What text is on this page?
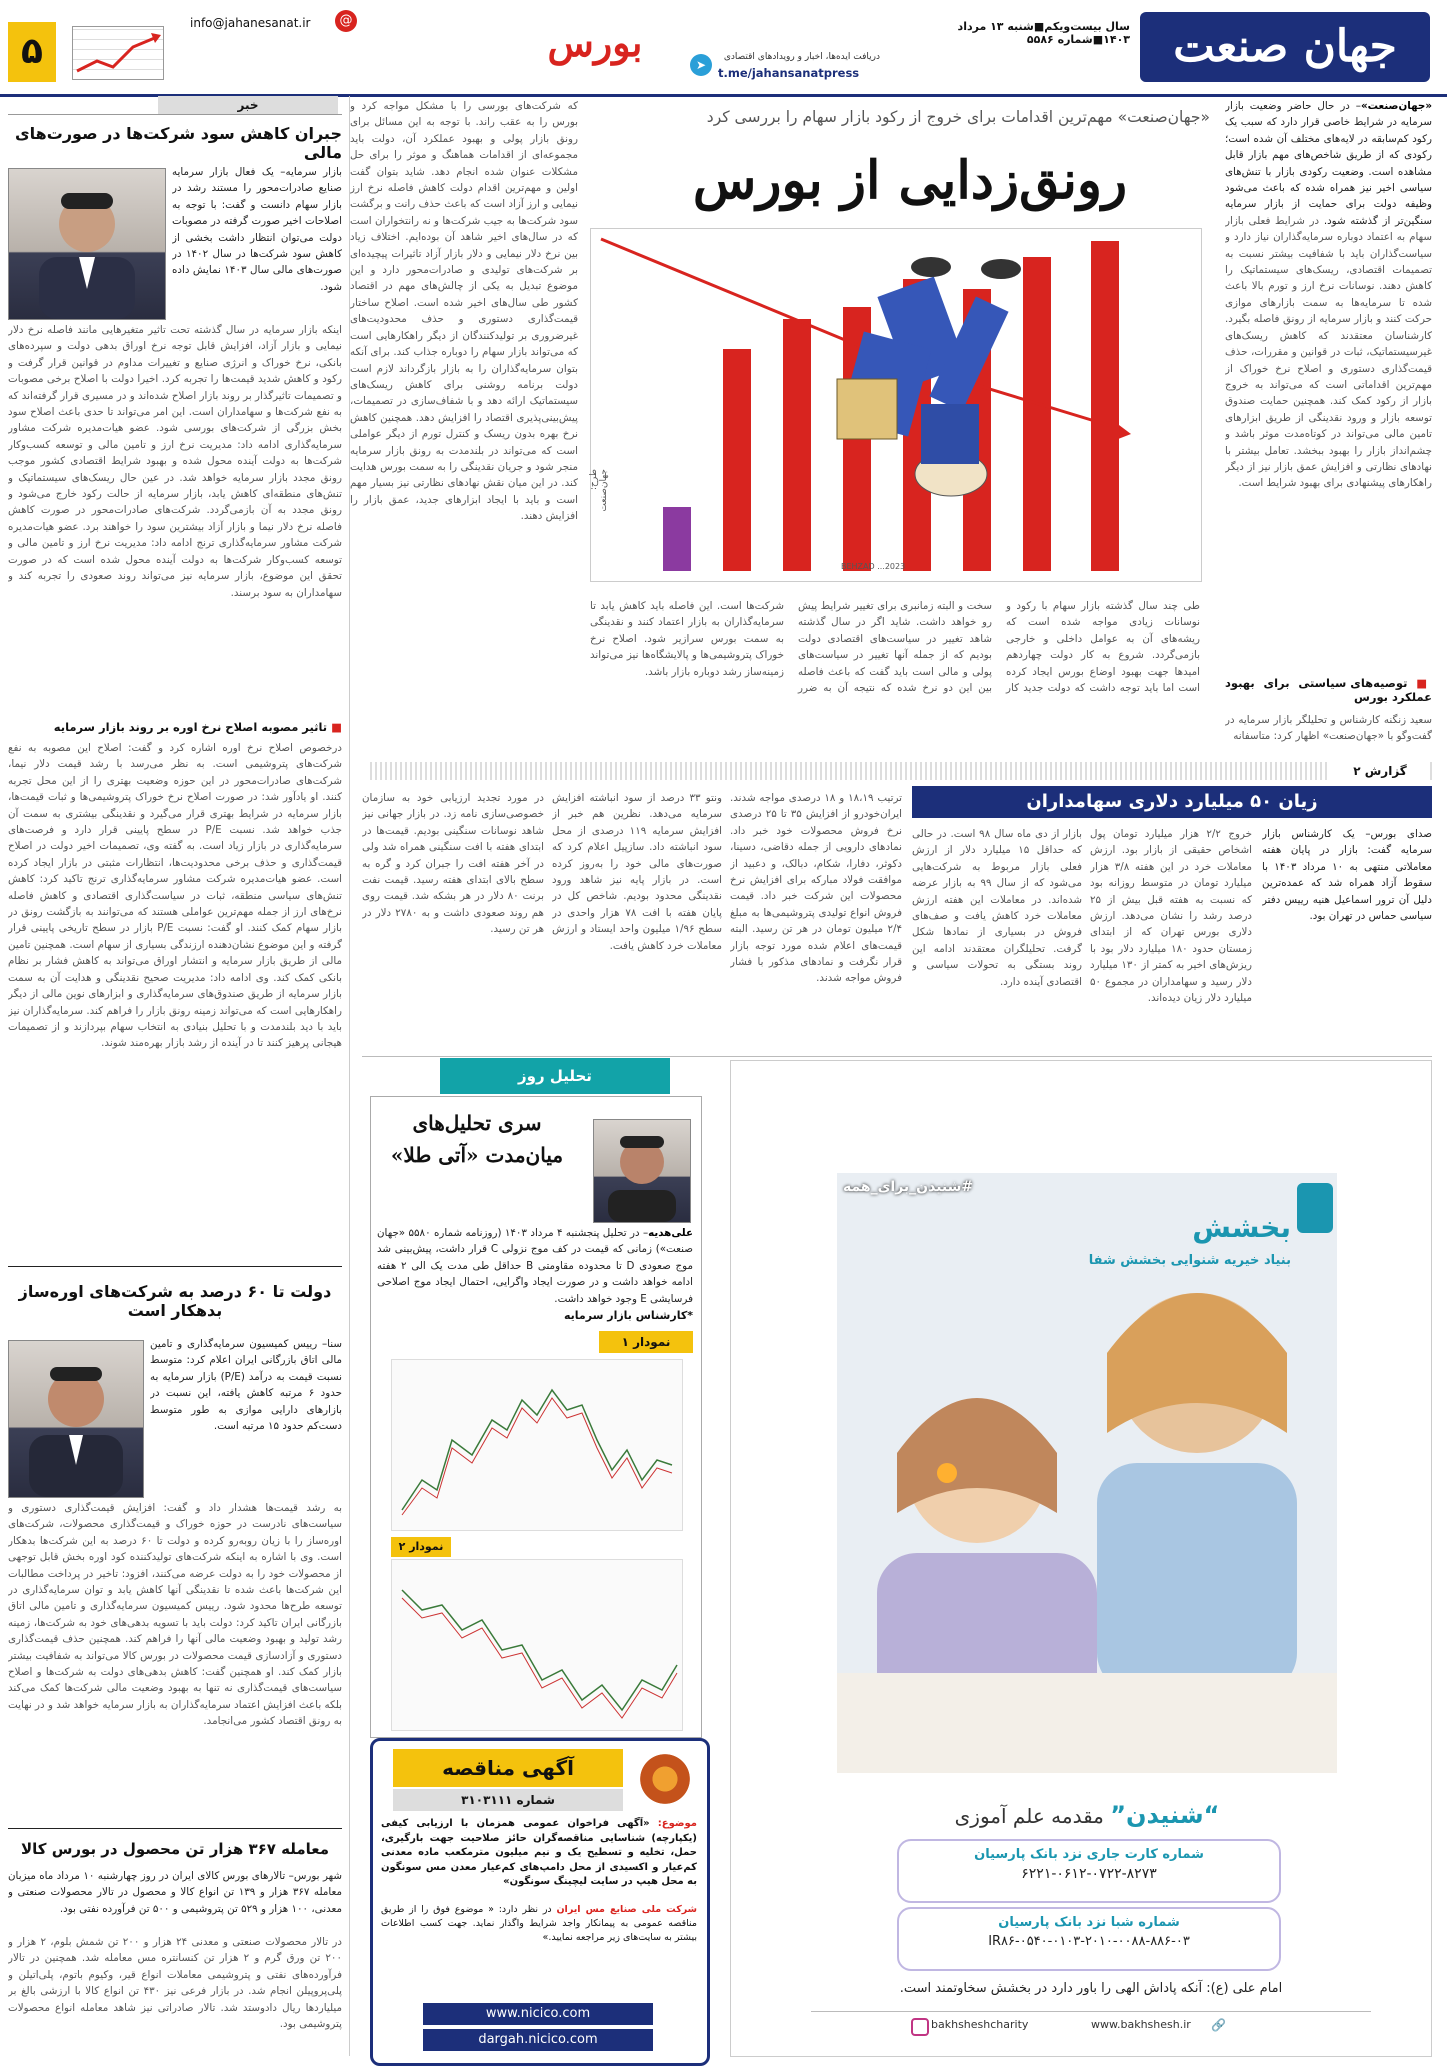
جهان صنعت
سال بیست‌ویکم■شنبه ۱۳ مرداد ۱۴۰۳■شماره ۵۵۸۶
دریافت ایده‌ها، اخبار و رویدادهای اقتصادی
➤
t.me/jahansanatpress
بورس
@
info@jahanesanat.ir
۵
«جهان‌صنعت» مهم‌ترین اقدامات برای خروج از رکود بازار سهام را بررسی کرد
رونق‌زدایی از بورس
BEHZAD ...2023
طرح: جهان‌صنعت
«جهان‌صنعت»– در حال حاضر وضعیت بازار سرمایه در شرایط خاصی قرار دارد که سبب یک رکود کم‌سابقه در لایه‌های مختلف آن شده است؛ رکودی که از طریق شاخص‌های مهم بازار قابل مشاهده است. وضعیت رکودی بازار با تنش‌های سیاسی اخیر نیز همراه شده که باعث می‌شود وظیفه دولت برای حمایت از بازار سرمایه سنگین‌تر از گذشته شود. در شرایط فعلی بازار سهام به اعتماد دوباره سرمایه‌گذاران نیاز دارد و سیاست‌گذاران باید با شفافیت بیشتر نسبت به تصمیمات اقتصادی، ریسک‌های سیستماتیک را کاهش دهند. نوسانات نرخ ارز و تورم بالا باعث شده تا سرمایه‌ها به سمت بازارهای موازی حرکت کنند و بازار سرمایه از رونق فاصله بگیرد. کارشناسان معتقدند که کاهش ریسک‌های غیرسیستماتیک، ثبات در قوانین و مقررات، حذف قیمت‌گذاری دستوری و اصلاح نرخ خوراک از مهم‌ترین اقداماتی است که می‌تواند به خروج بازار از رکود کمک کند. همچنین حمایت صندوق توسعه بازار و ورود نقدینگی از طریق ابزارهای تامین مالی می‌تواند در کوتاه‌مدت موثر باشد و چشم‌انداز بازار را بهبود ببخشد. تعامل بیشتر با نهادهای نظارتی و افزایش عمق بازار نیز از دیگر راهکارهای پیشنهادی برای بهبود شرایط است.
■ توصیه‌های سیاستی برای بهبود عملکرد بورس
سعید زنگنه کارشناس و تحلیلگر بازار سرمایه در گفت‌وگو با «جهان‌صنعت» اظهار کرد: متاسفانه
که شرکت‌های بورسی را با مشکل مواجه کرد و بورس را به عقب راند. با توجه به این مسائل برای رونق بازار پولی و بهبود عملکرد آن، دولت باید مجموعه‌ای از اقدامات هماهنگ و موثر را برای حل مشکلات عنوان شده انجام دهد. شاید بتوان گفت اولین و مهم‌ترین اقدام دولت کاهش فاصله نرخ ارز نیمایی و ارز آزاد است که باعث حذف رانت و برگشت سود شرکت‌ها به جیب شرکت‌ها و نه رانتخواران است که در سال‌های اخیر شاهد آن بوده‌ایم. اختلاف زیاد بین نرخ دلار نیمایی و دلار بازار آزاد تاثیرات پیچیده‌ای بر شرکت‌های تولیدی و صادرات‌محور دارد و این موضوع تبدیل به یکی از چالش‌های مهم در اقتصاد کشور طی سال‌های اخیر شده است. اصلاح ساختار قیمت‌گذاری دستوری و حذف محدودیت‌های غیرضروری بر تولیدکنندگان از دیگر راهکارهایی است که می‌تواند بازار سهام را دوباره جذاب کند. برای آنکه بتوان سرمایه‌گذاران را به بازار بازگرداند لازم است دولت برنامه روشنی برای کاهش ریسک‌های سیستماتیک ارائه دهد و با شفاف‌سازی در تصمیمات، پیش‌بینی‌پذیری اقتصاد را افزایش دهد. همچنین کاهش نرخ بهره بدون ریسک و کنترل تورم از دیگر عواملی است که می‌تواند در بلندمدت به رونق بازار سرمایه منجر شود و جریان نقدینگی را به سمت بورس هدایت کند. در این میان نقش نهادهای نظارتی نیز بسیار مهم است و باید با ایجاد ابزارهای جدید، عمق بازار را افزایش دهند.
طی چند سال گذشته بازار سهام با رکود و نوسانات زیادی مواجه شده است که ریشه‌های آن به عوامل داخلی و خارجی بازمی‌گردد. شروع به کار دولت چهاردهم امیدها جهت بهبود اوضاع بورس ایجاد کرده است اما باید توجه داشت که دولت جدید کار سخت و البته زمانبری برای تغییر شرایط پیش رو خواهد داشت. شاید اگر در سال گذشته شاهد تغییر در سیاست‌های اقتصادی دولت بودیم که از جمله آنها تغییر در سیاست‌های پولی و مالی است باید گفت که باعث فاصله بین این دو نرخ شده که نتیجه آن به ضرر شرکت‌ها است. این فاصله باید کاهش یابد تا سرمایه‌گذاران به بازار اعتماد کنند و نقدینگی به سمت بورس سرازیر شود. اصلاح نرخ خوراک پتروشیمی‌ها و پالایشگاه‌ها نیز می‌تواند زمینه‌ساز رشد دوباره بازار باشد.
خبر
جبران کاهش سود شرکت‌ها در صورت‌های مالی
بازار سرمایه– یک فعال بازار سرمایه صنایع صادرات‌محور را مستند رشد در بازار سهام دانست و گفت: با توجه به اصلاحات اخیر صورت گرفته در مصوبات دولت می‌توان انتظار داشت بخشی از کاهش سود شرکت‌ها در سال ۱۴۰۲ در صورت‌های مالی سال ۱۴۰۳ نمایش داده شود.
اینکه بازار سرمایه در سال گذشته تحت تاثیر متغیرهایی مانند فاصله نرخ دلار نیمایی و بازار آزاد، افزایش قابل توجه نرخ اوراق بدهی دولت و سپرده‌های بانکی، نرخ خوراک و انرژی صنایع و تغییرات مداوم در قوانین قرار گرفت و رکود و کاهش شدید قیمت‌ها را تجربه کرد. اخیرا دولت با اصلاح برخی مصوبات و تصمیمات تاثیرگذار بر روند بازار اصلاح شده‌اند و در مسیری قرار گرفته‌اند که به نفع شرکت‌ها و سهامداران است. این امر می‌تواند تا حدی باعث اصلاح سود بخش بزرگی از شرکت‌های بورسی شود. عضو هیات‌مدیره شرکت مشاور سرمایه‌گذاری ادامه داد: مدیریت نرخ ارز و تامین مالی و توسعه کسب‌وکار شرکت‌ها به دولت آینده محول شده و بهبود شرایط اقتصادی کشور موجب رونق مجدد بازار سرمایه خواهد شد. در عین حال ریسک‌های سیستماتیک و تنش‌های منطقه‌ای کاهش یابد، بازار سرمایه از حالت رکود خارج می‌شود و رونق مجدد به آن بازمی‌گردد. شرکت‌های صادرات‌محور در صورت کاهش فاصله نرخ دلار نیما و بازار آزاد بیشترین سود را خواهند برد. عضو هیات‌مدیره شرکت مشاور سرمایه‌گذاری ترنج ادامه داد: مدیریت نرخ ارز و تامین مالی و توسعه کسب‌وکار شرکت‌ها به دولت آینده محول شده است که در صورت تحقق این موضوع، بازار سرمایه نیز می‌تواند روند صعودی را تجربه کند و سهامداران به سود برسند.
■ تاثیر مصوبه اصلاح نرخ اوره بر روند بازار سرمایه
درخصوص اصلاح نرخ اوره اشاره کرد و گفت: اصلاح این مصوبه به نفع شرکت‌های پتروشیمی است. به نظر می‌رسد با رشد قیمت دلار نیما، شرکت‌های صادرات‌محور در این حوزه وضعیت بهتری را از این محل تجربه کنند. او یادآور شد: در صورت اصلاح نرخ خوراک پتروشیمی‌ها و ثبات قیمت‌ها، بازار سرمایه در شرایط بهتری قرار می‌گیرد و نقدینگی بیشتری به سمت آن جذب خواهد شد. نسبت P/E در سطح پایینی قرار دارد و فرصت‌های سرمایه‌گذاری در بازار زیاد است. به گفته وی، تصمیمات اخیر دولت در اصلاح قیمت‌گذاری و حذف برخی محدودیت‌ها، انتظارات مثبتی در بازار ایجاد کرده است. عضو هیات‌مدیره شرکت مشاور سرمایه‌گذاری ترنج تاکید کرد: کاهش تنش‌های سیاسی منطقه، ثبات در سیاست‌گذاری اقتصادی و کاهش فاصله نرخ‌های ارز از جمله مهم‌ترین عواملی هستند که می‌توانند به بازگشت رونق در بازار سهام کمک کنند. او گفت: نسبت P/E بازار در سطح تاریخی پایینی قرار گرفته و این موضوع نشان‌دهنده ارزندگی بسیاری از سهام است. همچنین تامین مالی از طریق بازار سرمایه و انتشار اوراق می‌تواند به کاهش فشار بر نظام بانکی کمک کند. وی ادامه داد: مدیریت صحیح نقدینگی و هدایت آن به سمت بازار سرمایه از طریق صندوق‌های سرمایه‌گذاری و ابزارهای نوین مالی از دیگر راهکارهایی است که می‌تواند زمینه رونق بازار را فراهم کند. سرمایه‌گذاران نیز باید با دید بلندمدت و با تحلیل بنیادی به انتخاب سهام بپردازند و از تصمیمات هیجانی پرهیز کنند تا در آینده از رشد بازار بهره‌مند شوند.
دولت تا ۶۰ درصد به شرکت‌های اوره‌ساز بدهکار است
سنا– رییس کمیسیون سرمایه‌گذاری و تامین مالی اتاق بازرگانی ایران اعلام کرد: متوسط نسبت قیمت به درآمد (P/E) بازار سرمایه به حدود ۶ مرتبه کاهش یافته، این نسبت در بازارهای دارایی موازی به طور متوسط دست‌کم حدود ۱۵ مرتبه است.
به رشد قیمت‌ها هشدار داد و گفت: افزایش قیمت‌گذاری دستوری و سیاست‌های نادرست در حوزه خوراک و قیمت‌گذاری محصولات، شرکت‌های اوره‌ساز را با زیان روبه‌رو کرده و دولت تا ۶۰ درصد به این شرکت‌ها بدهکار است. وی با اشاره به اینکه شرکت‌های تولیدکننده کود اوره بخش قابل توجهی از محصولات خود را به دولت عرضه می‌کنند، افزود: تاخیر در پرداخت مطالبات این شرکت‌ها باعث شده تا نقدینگی آنها کاهش یابد و توان سرمایه‌گذاری در توسعه طرح‌ها محدود شود. رییس کمیسیون سرمایه‌گذاری و تامین مالی اتاق بازرگانی ایران تاکید کرد: دولت باید با تسویه بدهی‌های خود به شرکت‌ها، زمینه رشد تولید و بهبود وضعیت مالی آنها را فراهم کند. همچنین حذف قیمت‌گذاری دستوری و آزادسازی قیمت محصولات در بورس کالا می‌تواند به شفافیت بیشتر بازار کمک کند. او همچنین گفت: کاهش بدهی‌های دولت به شرکت‌ها و اصلاح سیاست‌های قیمت‌گذاری نه تنها به بهبود وضعیت مالی شرکت‌ها کمک می‌کند بلکه باعث افزایش اعتماد سرمایه‌گذاران به بازار سرمایه خواهد شد و در نهایت به رونق اقتصاد کشور می‌انجامد.
معامله ۳۶۷ هزار تن محصول در بورس کالا
شهر بورس– تالارهای بورس کالای ایران در روز چهارشنبه ۱۰ مرداد ماه میزبان معامله ۳۶۷ هزار و ۱۳۹ تن انواع کالا و محصول در تالار محصولات صنعتی و معدنی، ۱۰۰ هزار و ۵۲۹ تن پتروشیمی و ۵۰۰ تن فرآورده نفتی بود.
در تالار محصولات صنعتی و معدنی ۲۴ هزار و ۲۰۰ تن شمش بلوم، ۲ هزار و ۲۰۰ تن ورق گرم و ۲ هزار تن کنسانتره مس معامله شد. همچنین در تالار فرآورده‌های نفتی و پتروشیمی معاملات انواع قیر، وکیوم باتوم، پلی‌اتیلن و پلی‌پروپیلن انجام شد. در بازار فرعی نیز ۴۳۰ تن انواع کالا با ارزشی بالغ بر میلیاردها ریال دادوستد شد. تالار صادراتی نیز شاهد معامله انواع محصولات پتروشیمی بود.
گزارش ۲
زیان ۵۰ میلیارد دلاری سهامداران
صدای بورس– یک کارشناس بازار سرمایه گفت: بازار در پایان هفته معاملاتی منتهی به ۱۰ مرداد ۱۴۰۳ با سقوط آزاد همراه شد که عمده‌ترین دلیل آن ترور اسماعیل هنیه رییس دفتر سیاسی حماس در تهران بود.
خروج ۲/۲ هزار میلیارد تومان پول اشخاص حقیقی از بازار بود. ارزش معاملات خرد در این هفته ۳/۸ هزار میلیارد تومان در متوسط روزانه بود که نسبت به هفته قبل بیش از ۲۵ درصد رشد را نشان می‌دهد. ارزش دلاری بورس تهران که از ابتدای زمستان حدود ۱۸۰ میلیارد دلار بود با ریزش‌های اخیر به کمتر از ۱۳۰ میلیارد دلار رسید و سهامداران در مجموع ۵۰ میلیارد دلار زیان دیده‌اند.
بازار از دی ماه سال ۹۸ است. در حالی که حداقل ۱۵ میلیارد دلار از ارزش فعلی بازار مربوط به شرکت‌هایی می‌شود که از سال ۹۹ به بازار عرضه شده‌اند. در معاملات این هفته ارزش معاملات خرد کاهش یافت و صف‌های فروش در بسیاری از نمادها شکل گرفت. تحلیلگران معتقدند ادامه این روند بستگی به تحولات سیاسی و اقتصادی آینده دارد.
ترتیب ۱۸،۱۹ و ۱۸ درصدی مواجه شدند. ایران‌خودرو از افزایش ۳۵ تا ۲۵ درصدی نرخ فروش محصولات خود خبر داد. نمادهای دارویی از جمله دقاضی، دسینا، دکوثر، دفارا، شکام، دبالک، و دعبید از موافقت فولاد مبارکه برای افزایش نرخ محصولات این شرکت خبر داد. قیمت فروش انواع تولیدی پتروشیمی‌ها به مبلغ ۲/۴ میلیون تومان در هر تن رسید. البته قیمت‌های اعلام شده مورد توجه بازار قرار نگرفت و نمادهای مذکور با فشار فروش مواجه شدند.
ونتو ۳۳ درصد از سود انباشته افزایش سرمایه می‌دهد. نظرین هم خبر از افزایش سرمایه ۱۱۹ درصدی از محل سود انباشته داد. سازپیل اعلام کرد که صورت‌های مالی خود را به‌روز کرده است. در بازار پایه نیز شاهد ورود نقدینگی محدود بودیم. شاخص کل در پایان هفته با افت ۷۸ هزار واحدی در سطح ۱/۹۶ میلیون واحد ایستاد و ارزش معاملات خرد کاهش یافت.
در مورد تجدید ارزیابی خود به سازمان خصوصی‌سازی نامه زد. در بازار جهانی نیز شاهد نوسانات سنگینی بودیم. قیمت‌ها در ابتدای هفته با افت سنگینی همراه شد ولی در آخر هفته افت را جبران کرد و گره به سطح بالای ابتدای هفته رسید. قیمت نفت برنت ۸۰ دلار در هر بشکه شد. قیمت روی هم روند صعودی داشت و به ۲۷۸۰ دلار در هر تن رسید.
تحلیل روز
سری تحلیل‌های میان‌مدت «آتی طلا»
علی‌هدیه‌– در تحلیل پنجشنبه ۴ مرداد ۱۴۰۳ (روزنامه شماره ۵۵۸۰ «جهان صنعت») زمانی که قیمت در کف موج نزولی C قرار داشت، پیش‌بینی شد موج صعودی D تا محدوده مقاومتی B حداقل طی مدت یک الی ۲ هفته ادامه خواهد داشت و در صورت ایجاد واگرایی، احتمال ایجاد موج اصلاحی فرسایشی E وجود خواهد داشت.
*کارشناس بازار سرمایه
نمودار ۱
نمودار ۲
آگهی مناقصه
شماره ۳۱۰۳۱۱۱
موضوع: «آگهی فراخوان عمومی همزمان با ارزیابی کیفی (یکپارچه) شناسایی مناقصه‌گران حائز صلاحیت جهت بارگیری، حمل، تخلیه و تسطیح یک و نیم میلیون مترمکعب ماده معدنی کم‌عیار و اکسیدی از محل دامپ‌های کم‌عیار معدن مس سونگون به محل هیپ در سایت لیچینگ سونگون»
شرکت ملی صنایع مس ایران در نظر دارد: « موضوع فوق را از طریق مناقصه عمومی به پیمانکار واجد شرایط واگذار نماید. جهت کسب اطلاعات بیشتر به سایت‌های زیر مراجعه نمایید.»
www.nicico.com
dargah.nicico.com
#شنیدن_برای_همه
بخشش
بنیاد خیریه شنوایی بخشش شفا
“شنیدن” مقدمه علم آموزی
شماره کارت جاری نزد بانک پارسیان
۶۲۲۱-۰۶۱۲-۰۷۲۲-۸۲۷۳
شماره شبا نزد بانک پارسیان
IR۸۶-۰۵۴۰-۰۱۰۳-۲۰۱۰-۰۰۸۸-۸۸۶-۰۳
امام علی (ع): آنکه پاداش الهی را باور دارد در بخشش سخاوتمند است.
🔗
www.bakhshesh.ir
bakhsheshcharity
